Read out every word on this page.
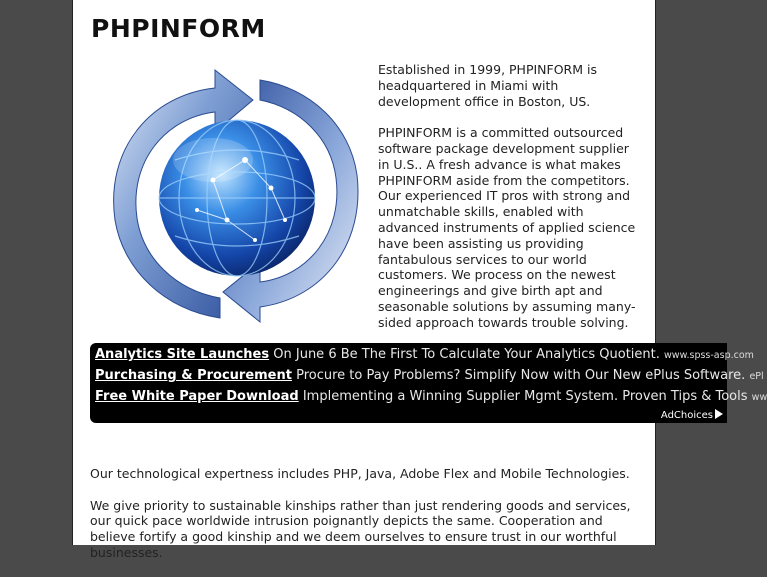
PHPINFORM

Established in 1999, PHPINFORM is headquartered in Miami with development office in Boston, US.

PHPINFORM is a committed outsourced software package development supplier in U.S.. A fresh advance is what makes PHPINFORM aside from the competitors. Our experienced IT pros with strong and unmatchable skills, enabled with advanced instruments of applied science have been assisting us providing fantabulous services to our world customers. We process on the newest engineerings and give birth apt and seasonable solutions by assuming many-sided approach towards trouble solving.

Analytics Site Launches On June 6 Be The First To Calculate Your Analytics Quotient. www.spss-asp.com
Purchasing & Procurement Procure to Pay Problems? Simplify Now with Our New ePlus Software. ePl
Free White Paper Download Implementing a Winning Supplier Mgmt System. Proven Tips & Tools ww
AdChoices

Our technological expertness includes PHP, Java, Adobe Flex and Mobile Technologies.

We give priority to sustainable kinships rather than just rendering goods and services, our quick pace worldwide intrusion poignantly depicts the same. Cooperation and believe fortify a good kinship and we deem ourselves to ensure trust in our worthful businesses.
